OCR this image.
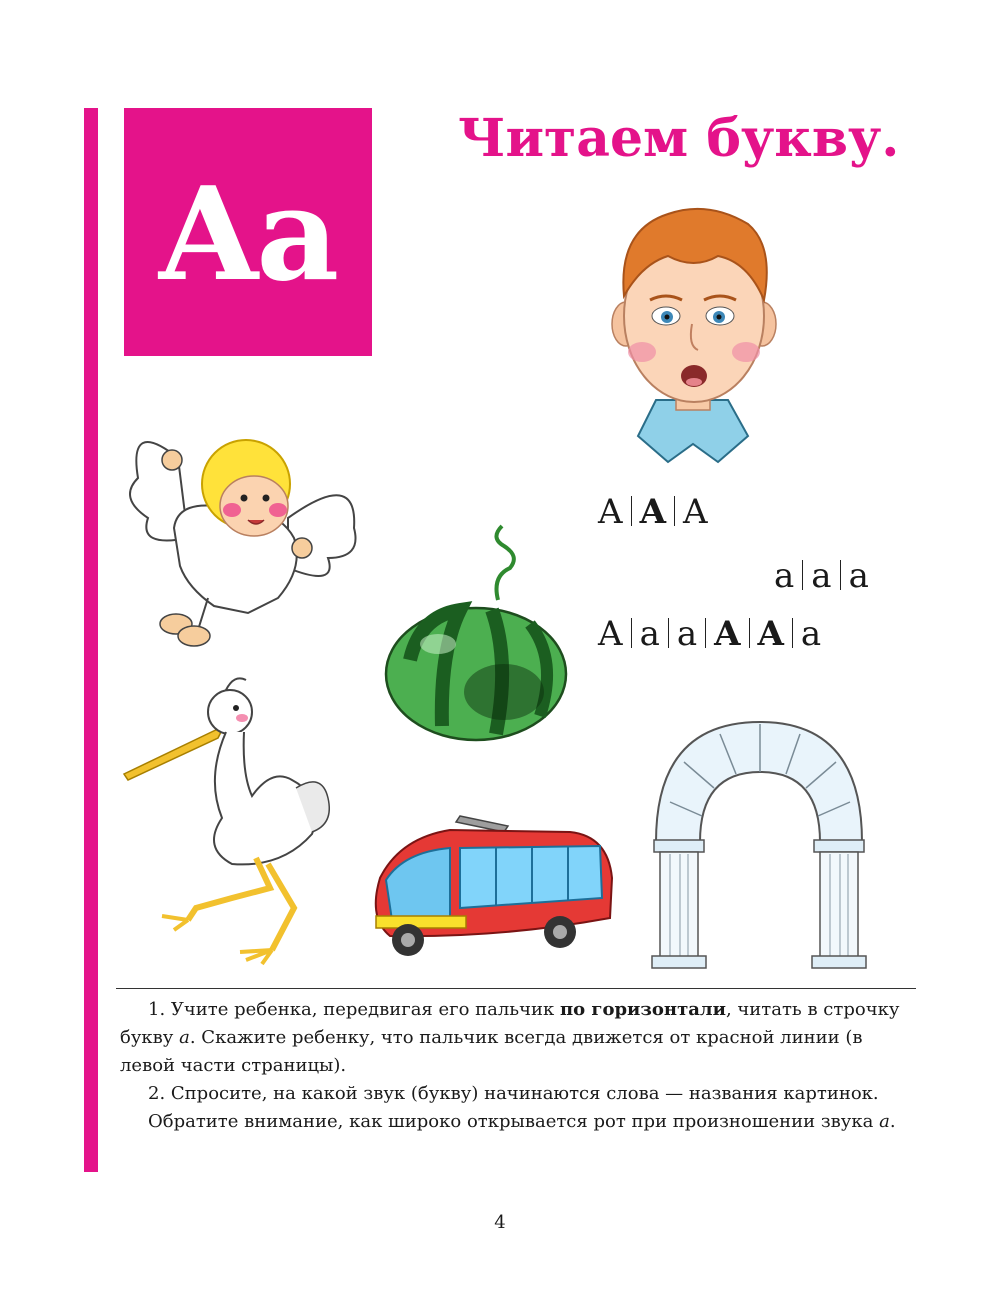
Aa
Читаем букву.
A A A
a a a
A a a A A a

1. Учите ребенка, передвигая его пальчик по горизонтали, читать в строчку букву а. Скажите ребенку, что пальчик всегда движется от красной линии (в левой части страницы).

2. Спросите, на какой звук (букву) начинаются слова — названия картинок.

Обратите внимание, как широко открывается рот при произношении звука а.

4
